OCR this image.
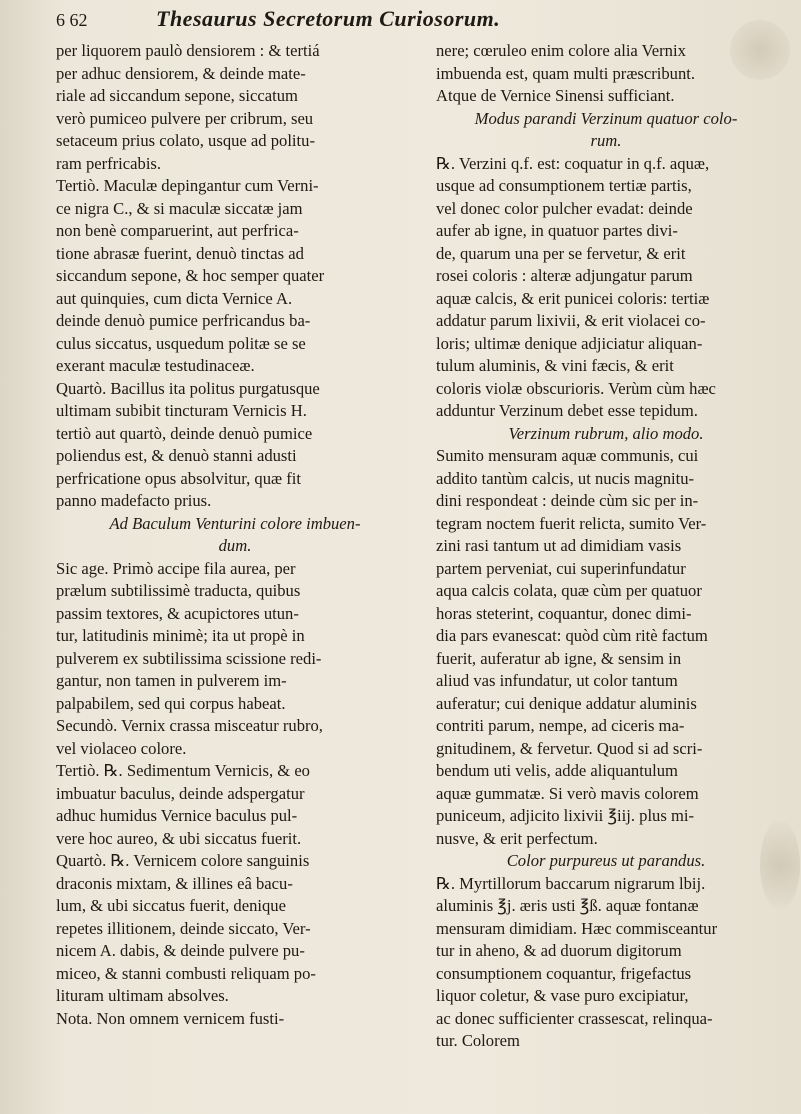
6 62	Thesaurus Secretorum Curiosorum.
per liquorem paulò densiorem : & tertiá
per adhuc densiorem, & deinde mate-
riale ad siccandum sepone, siccatum
verò pumiceo pulvere per cribrum, seu
setaceum prius colato, usque ad politu-
ram perfricabis.
Tertiò. Maculæ depingantur cum Verni-
ce nigra C., & si maculæ siccatæ jam
non benè comparuerint, aut perfrica-
tione abrasæ fuerint, denuò tinctas ad
siccandum sepone, & hoc semper quater
aut quinquies, cum dicta Vernice A.
deinde denuò pumice perfricandus ba-
culus siccatus, usquedum politæ se se
exerant maculæ testudinaceæ.
Quartò. Bacillus ita politus purgatusque
ultimam subibit tincturam Vernicis H.
tertiò aut quartò, deinde denuò pumice
poliendus est, & denuò stanni adusti
perfricatione opus absolvitur, quæ fit
panno madefacto prius.
Ad Baculum Venturini colore imbuen-
dum.
Sic age. Primò accipe fila aurea, per
prælum subtilissimè traducta, quibus
passim textores, & acupictores utun-
tur, latitudinis minimè; ita ut propè in
pulverem ex subtilissima scissione redi-
gantur, non tamen in pulverem im-
palpabilem, sed qui corpus habeat.
Secundò. Vernix crassa misceatur rubro,
vel violaceo colore.
Tertiò. ℞. Sedimentum Vernicis, & eo
imbuatur baculus, deinde adspergatur
adhuc humidus Vernice baculus pul-
vere hoc aureo, & ubi siccatus fuerit.
Quartò. ℞. Vernicem colore sanguinis
draconis mixtam, & illines eâ bacu-
lum, & ubi siccatus fuerit, denique
repetes illitionem, deinde siccato, Ver-
nicem A. dabis, & deinde pulvere pu-
miceo, & stanni combusti reliquam po-
lituram ultimam absolves.
Nota. Non omnem vernicem fusti-
nere; cœruleo enim colore alia Vernix
imbuenda est, quam multi præscribunt.
Atque de Vernice Sinensi sufficiant.
Modus parandi Verzinum quatuor colo-
rum.
℞. Verzini q.f. est: coquatur in q.f. aquæ,
usque ad consumptionem tertiæ partis,
vel donec color pulcher evadat: deinde
aufer ab igne, in quatuor partes divi-
de, quarum una per se fervetur, & erit
rosei coloris : alteræ adjungatur parum
aquæ calcis, & erit punicei coloris: tertiæ
addatur parum lixivii, & erit violacei co-
loris; ultimæ denique adjiciatur aliquan-
tulum aluminis, & vini fæcis, & erit
coloris violæ obscurioris. Verùm cùm hæc
adduntur Verzinum debet esse tepidum.
Verzinum rubrum, alio modo.
Sumito mensuram aquæ communis, cui
addito tantùm calcis, ut nucis magnitu-
dini respondeat : deinde cùm sic per in-
tegram noctem fuerit relicta, sumito Ver-
zini rasi tantum ut ad dimidiam vasis
partem perveniat, cui superinfundatur
aqua calcis colata, quæ cùm per quatuor
horas steterint, coquantur, donec dimi-
dia pars evanescat: quòd cùm ritè factum
fuerit, auferatur ab igne, & sensim in
aliud vas infundatur, ut color tantum
auferatur; cui denique addatur aluminis
contriti parum, nempe, ad ciceris ma-
gnitudinem, & fervetur. Quod si ad scri-
bendum uti velis, adde aliquantulum
aquæ gummatæ. Si verò mavis colorem
puniceum, adjicito lixivii ℥iij. plus mi-
nusve, & erit perfectum.
Color purpureus ut parandus.
℞. Myrtillorum baccarum nigrarum lbij.
aluminis ℥j. æris usti ℥ß. aquæ fontanæ
mensuram dimidiam. Hæc commisceantur
tur in aheno, & ad duorum digitorum
consumptionem coquantur, frigefactus
liquor coletur, & vase puro excipiatur,
ac donec sufficienter crassescat, relinqua-
tur. Colorem
